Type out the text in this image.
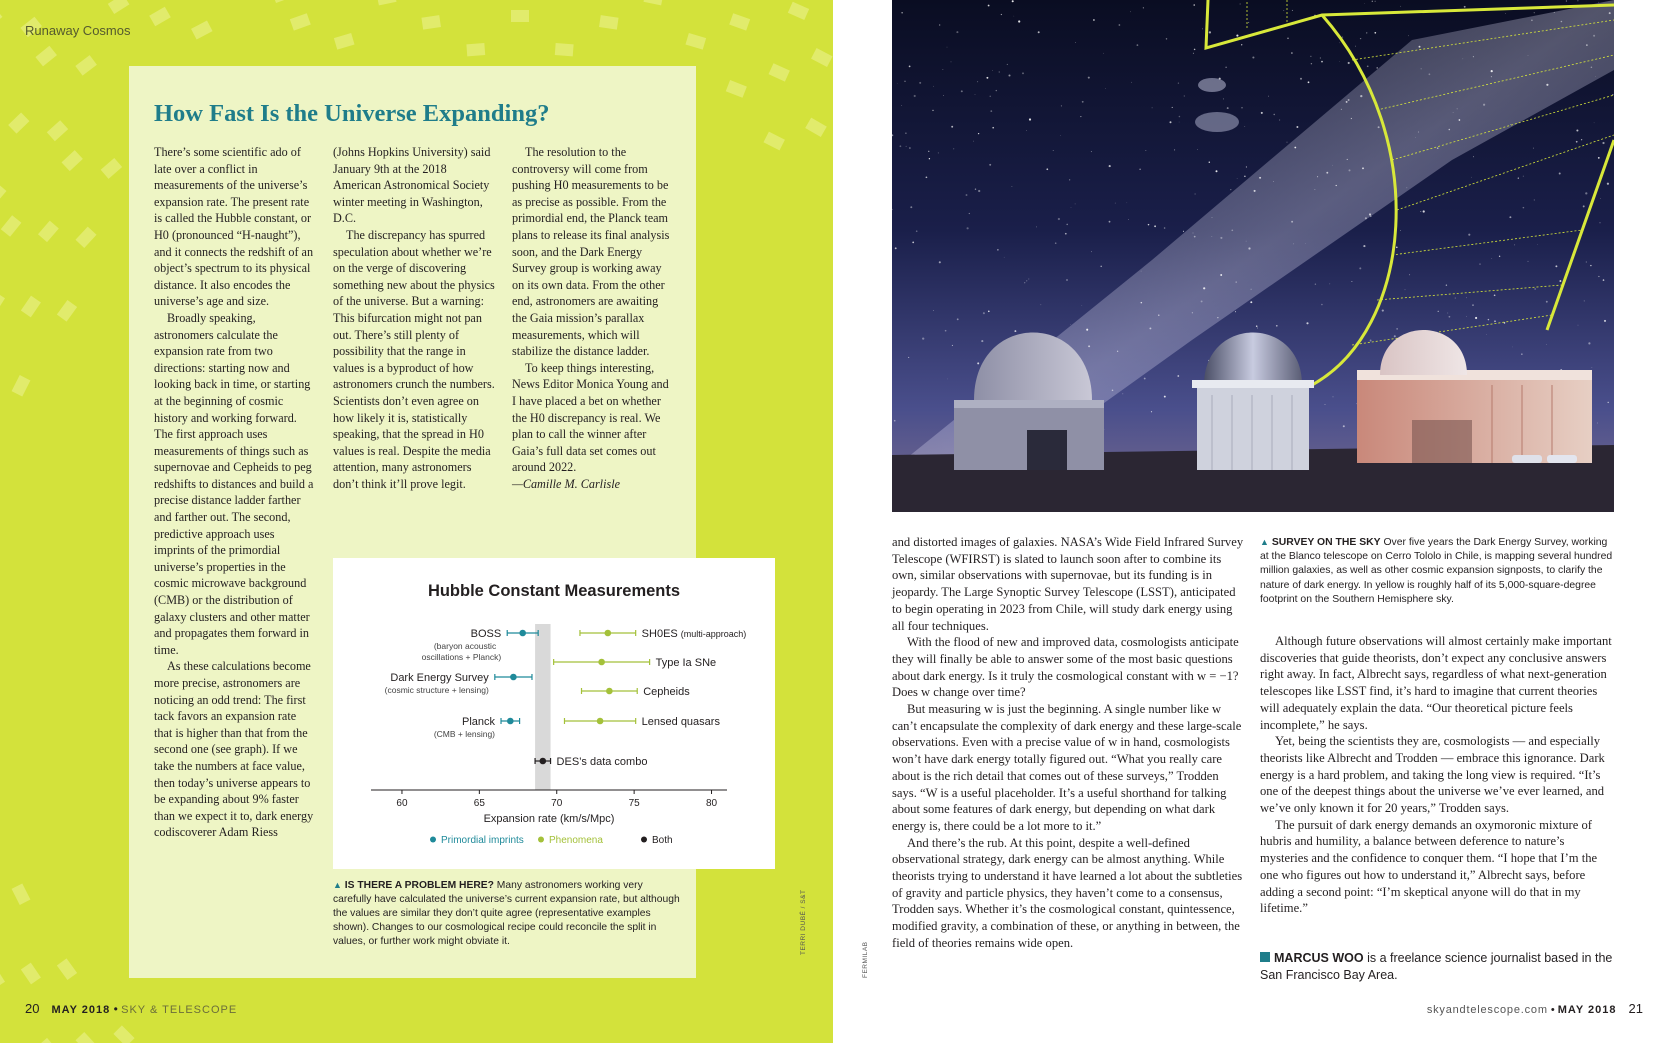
Runaway Cosmos
How Fast Is the Universe Expanding?

There’s some scientific ado of late over a conflict in measurements of the universe’s expansion rate. The present rate is called the Hubble constant, or H0 (pronounced “H-naught”), and it connects the redshift of an object’s spectrum to its physical distance. It also encodes the universe’s age and size.

Broadly speaking, astronomers calculate the expansion rate from two directions: starting now and looking back in time, or starting at the beginning of cosmic history and working forward. The first approach uses measurements of things such as supernovae and Cepheids to peg redshifts to distances and build a precise distance ladder farther and farther out. The second, predictive approach uses imprints of the primordial universe’s properties in the cosmic microwave background (CMB) or the distribution of galaxy clusters and other matter and propagates them forward in time.

As these calculations become more precise, astronomers are noticing an odd trend: The first tack favors an expansion rate that is higher than that from the second one (see graph). If we take the numbers at face value, then today’s universe appears to be expanding about 9% faster than we expect it to, dark energy codiscoverer Adam Riess

(Johns Hopkins University) said January 9th at the 2018 American Astronomical Society winter meeting in Washington, D.C.

The discrepancy has spurred speculation about whether we’re on the verge of discovering something new about the physics of the universe. But a warning: This bifurcation might not pan out. There’s still plenty of possibility that the range in values is a byproduct of how astronomers crunch the numbers. Scientists don’t even agree on how likely it is, statistically speaking, that the spread in H0 values is real. Despite the media attention, many astronomers don’t think it’ll prove legit.

The resolution to the controversy will come from pushing H0 measurements to be as precise as possible. From the primordial end, the Planck team plans to release its final analysis soon, and the Dark Energy Survey group is working away on its own data. From the other end, astronomers are awaiting the Gaia mission’s parallax measurements, which will stabilize the distance ladder.

To keep things interesting, News Editor Monica Young and I have placed a bet on whether the H0 discrepancy is real. We plan to call the winner after Gaia’s full data set comes out around 2022.

—Camille M. Carlisle

Hubble Constant Measurements
60	65	70	75	80
Expansion rate (km/s/Mpc)
BOSS
(baryon acoustic oscillations + Planck)
Dark Energy Survey
(cosmic structure + lensing)
Planck
(CMB + lensing)
SH0ES (multi-approach)
Type Ia SNe
Cepheids
Lensed quasars
DES’s data combo
Primordial imprints	Phenomena	Both
▲ IS THERE A PROBLEM HERE? Many astronomers working very carefully have calculated the universe’s current expansion rate, but although the values are similar they don’t quite agree (representative examples shown). Changes to our cosmological recipe could reconcile the split in values, or further work might obviate it.	TERRI DUBÉ / S&T
20 MAY 2018 • SKY & TELESCOPE

and distorted images of galaxies. NASA’s Wide Field Infrared Survey Telescope (WFIRST) is slated to launch soon after to combine its own, similar observations with supernovae, but its funding is in jeopardy. The Large Synoptic Survey Telescope (LSST), anticipated to begin operating in 2023 from Chile, will study dark energy using all four techniques.

With the flood of new and improved data, cosmologists anticipate they will finally be able to answer some of the most basic questions about dark energy. Is it truly the cosmological constant with w = −1? Does w change over time?

But measuring w is just the beginning. A single number like w can’t encapsulate the complexity of dark energy and these large-scale observations. Even with a precise value of w in hand, cosmologists won’t have dark energy totally figured out. “What you really care about is the rich detail that comes out of these surveys,” Trodden says. “W is a useful placeholder. It’s a useful shorthand for talking about some features of dark energy, but depending on what dark energy is, there could be a lot more to it.”

And there’s the rub. At this point, despite a well-defined observational strategy, dark energy can be almost anything. While theorists trying to understand it have learned a lot about the subtleties of gravity and particle physics, they haven’t come to a consensus, Trodden says. Whether it’s the cosmological constant, quintessence, modified gravity, a combination of these, or anything in between, the field of theories remains wide open.

▲ SURVEY ON THE SKY Over five years the Dark Energy Survey, working at the Blanco telescope on Cerro Tololo in Chile, is mapping several hundred million galaxies, as well as other cosmic expansion signposts, to clarify the nature of dark energy. In yellow is roughly half of its 5,000-square-degree footprint on the Southern Hemisphere sky.

Although future observations will almost certainly make important discoveries that guide theorists, don’t expect any conclusive answers right away. In fact, Albrecht says, regardless of what next-generation telescopes like LSST find, it’s hard to imagine that current theories will adequately explain the data. “Our theoretical picture feels incomplete,” he says.

Yet, being the scientists they are, cosmologists — and especially theorists like Albrecht and Trodden — embrace this ignorance. Dark energy is a hard problem, and taking the long view is required. “It’s one of the deepest things about the universe we’ve ever learned, and we’ve only known it for 20 years,” Trodden says.

The pursuit of dark energy demands an oxymoronic mixture of hubris and humility, a balance between deference to nature’s mysteries and the confidence to conquer them. “I hope that I’m the one who figures out how to understand it,” Albrecht says, before adding a second point: “I’m skeptical anyone will do that in my lifetime.”

FERMILAB	MARCUS WOO is a freelance science journalist based in the San Francisco Bay Area.
skyandtelescope.com • MAY 2018 21
